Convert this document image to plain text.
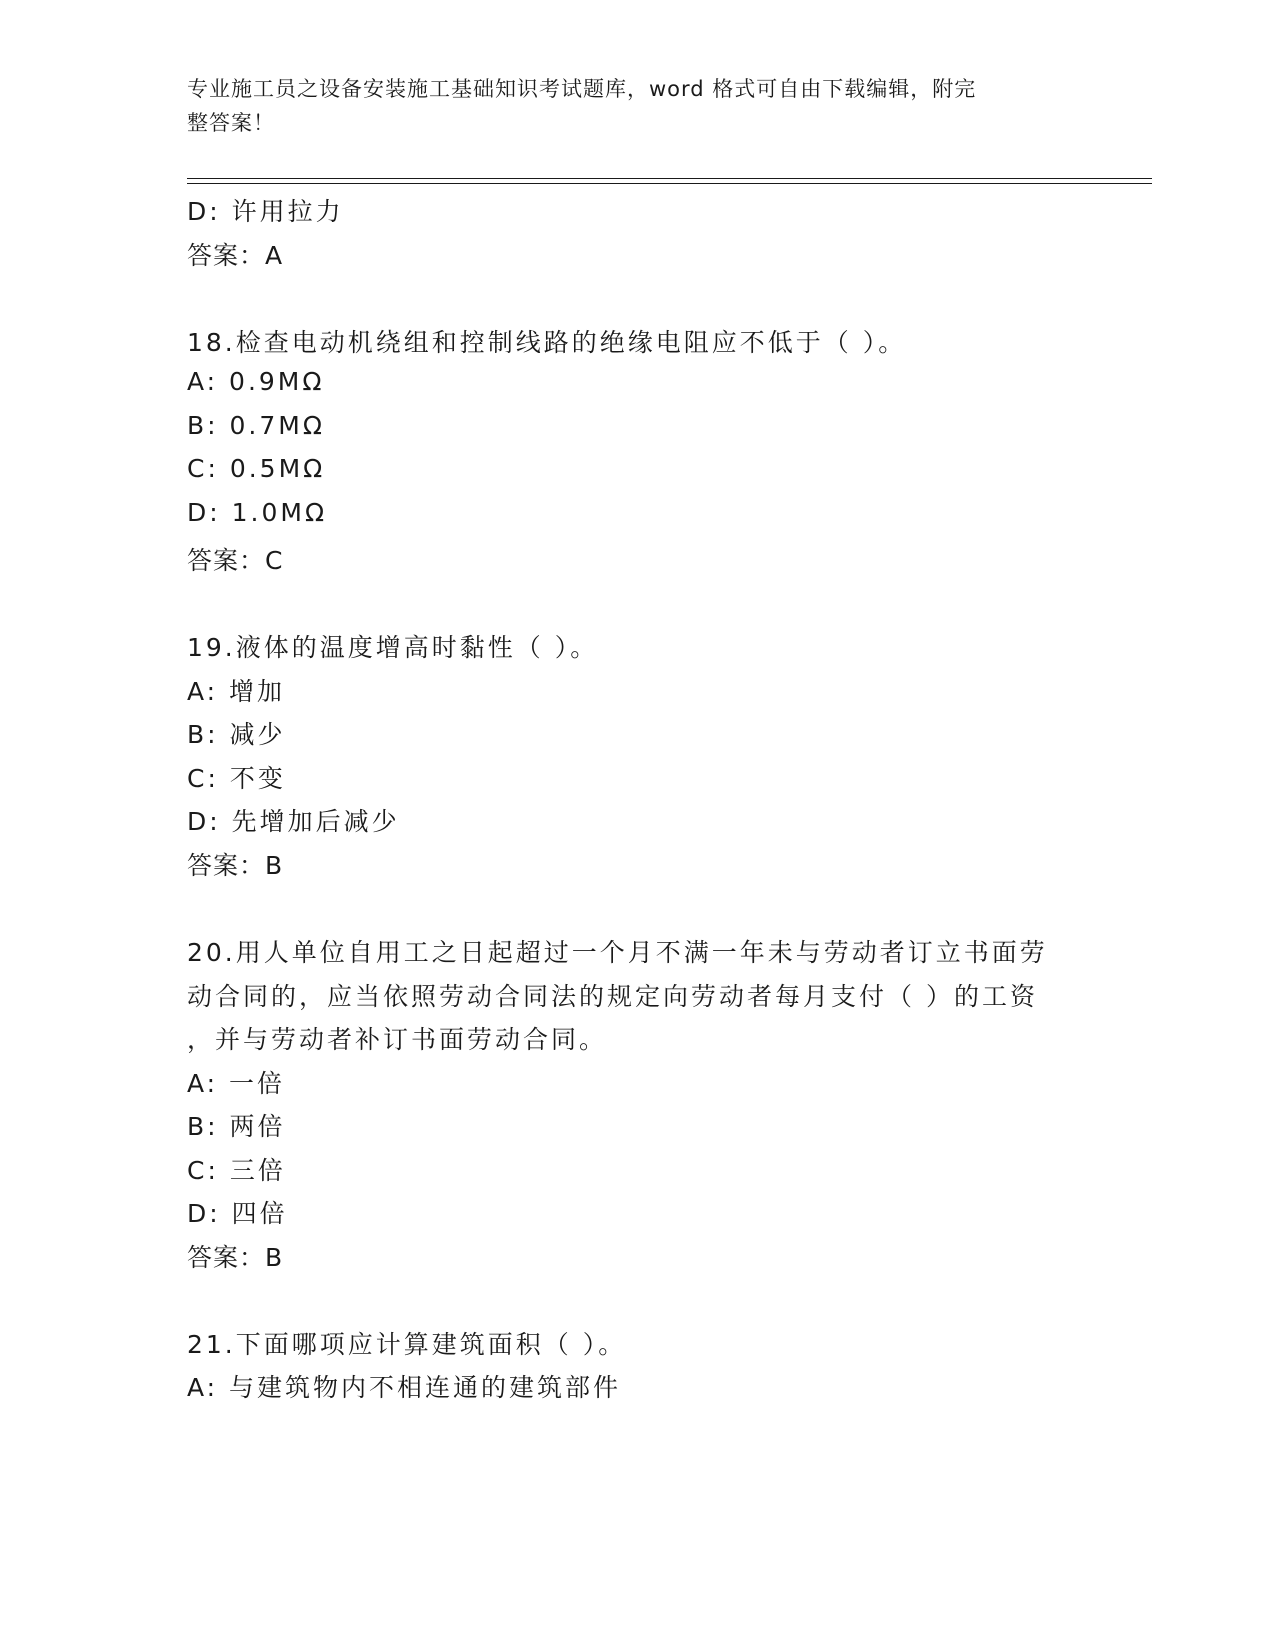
专业施工员之设备安装施工基础知识考试题库，word 格式可自由下载编辑，附完
整答案！
D: 许用拉力
答案：A
18.检查电动机绕组和控制线路的绝缘电阻应不低于（ ）。
A: 0.9MΩ
B: 0.7MΩ
C: 0.5MΩ
D: 1.0MΩ
答案：C
19.液体的温度增高时黏性（ ）。
A: 增加
B: 减少
C: 不变
D: 先增加后减少
答案：B
20.用人单位自用工之日起超过一个月不满一年未与劳动者订立书面劳
动合同的，应当依照劳动合同法的规定向劳动者每月支付（ ）的工资
，并与劳动者补订书面劳动合同。
A: 一倍
B: 两倍
C: 三倍
D: 四倍
答案：B
21.下面哪项应计算建筑面积（ ）。
A: 与建筑物内不相连通的建筑部件
